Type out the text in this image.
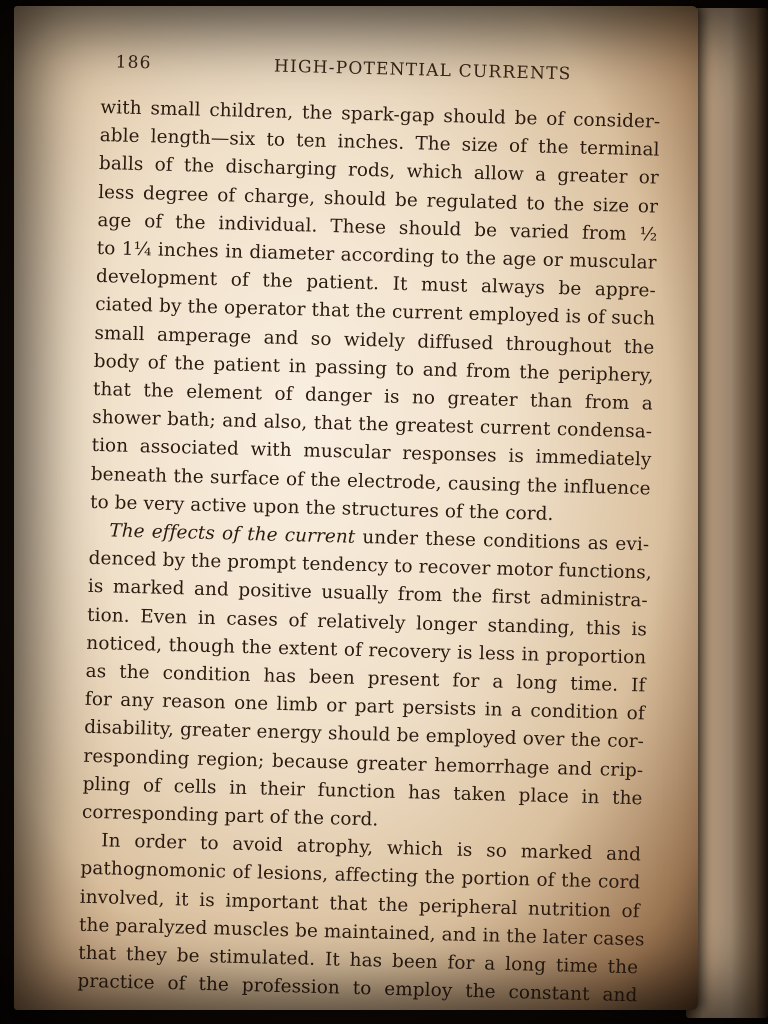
186	HIGH-POTENTIAL CURRENTS
with small children, the spark-gap should be of consider-
able length—six to ten inches. The size of the terminal
balls of the discharging rods, which allow a greater or
less degree of charge, should be regulated to the size or
age of the individual. These should be varied from ½
to 1¼ inches in diameter according to the age or muscular
development of the patient. It must always be appre-
ciated by the operator that the current employed is of such
small amperage and so widely diffused throughout the
body of the patient in passing to and from the periphery,
that the element of danger is no greater than from a
shower bath; and also, that the greatest current condensa-
tion associated with muscular responses is immediately
beneath the surface of the electrode, causing the influence
to be very active upon the structures of the cord.
The effects of the current under these conditions as evi-
denced by the prompt tendency to recover motor functions,
is marked and positive usually from the first administra-
tion. Even in cases of relatively longer standing, this is
noticed, though the extent of recovery is less in proportion
as the condition has been present for a long time. If
for any reason one limb or part persists in a condition of
disability, greater energy should be employed over the cor-
responding region; because greater hemorrhage and crip-
pling of cells in their function has taken place in the
corresponding part of the cord.
In order to avoid atrophy, which is so marked and
pathognomonic of lesions, affecting the portion of the cord
involved, it is important that the peripheral nutrition of
the paralyzed muscles be maintained, and in the later cases
that they be stimulated. It has been for a long time the
practice of the profession to employ the constant and
